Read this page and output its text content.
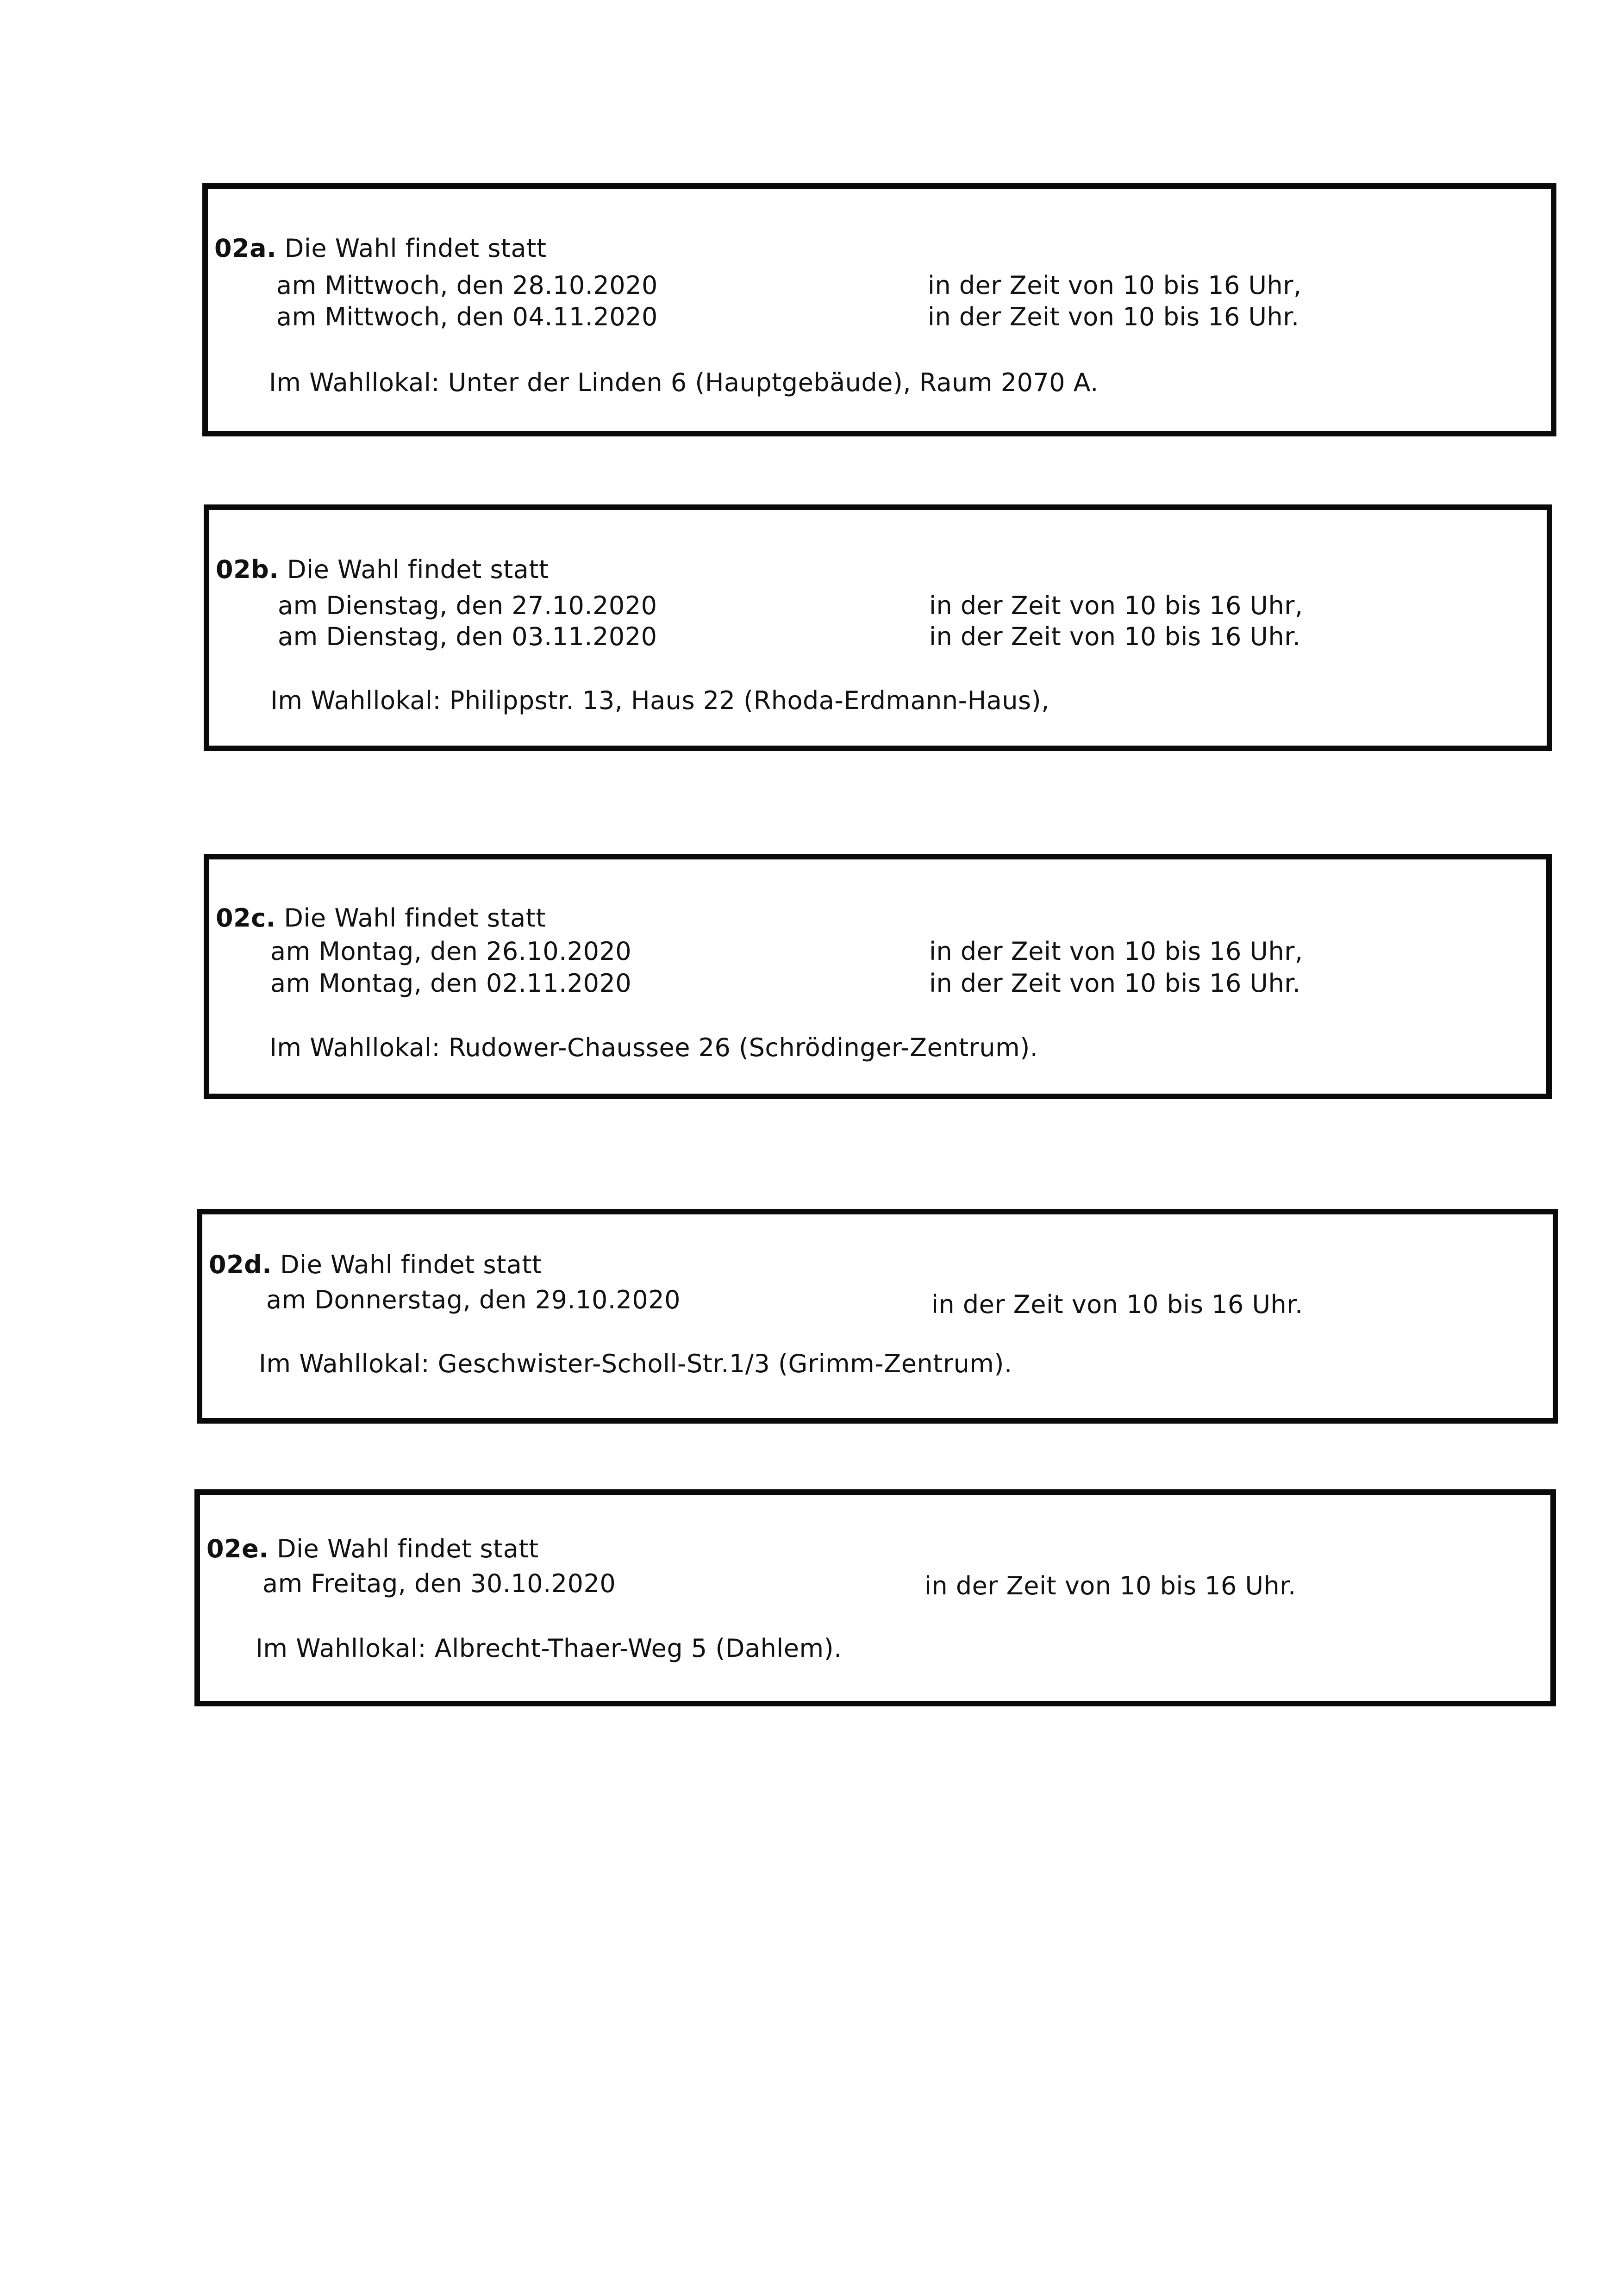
02a. Die Wahl findet statt
am Mittwoch, den 28.10.2020	in der Zeit von 10 bis 16 Uhr,
am Mittwoch, den 04.11.2020	in der Zeit von 10 bis 16 Uhr.
Im Wahllokal: Unter der Linden 6 (Hauptgebäude), Raum 2070 A.
02b. Die Wahl findet statt
am Dienstag, den 27.10.2020	in der Zeit von 10 bis 16 Uhr,
am Dienstag, den 03.11.2020	in der Zeit von 10 bis 16 Uhr.
Im Wahllokal: Philippstr. 13, Haus 22 (Rhoda-Erdmann-Haus),
02c. Die Wahl findet statt
am Montag, den 26.10.2020	in der Zeit von 10 bis 16 Uhr,
am Montag, den 02.11.2020	in der Zeit von 10 bis 16 Uhr.
Im Wahllokal: Rudower-Chaussee 26 (Schrödinger-Zentrum).
02d. Die Wahl findet statt
am Donnerstag, den 29.10.2020	in der Zeit von 10 bis 16 Uhr.
Im Wahllokal: Geschwister-Scholl-Str.1/3 (Grimm-Zentrum).
02e. Die Wahl findet statt
am Freitag, den 30.10.2020	in der Zeit von 10 bis 16 Uhr.
Im Wahllokal: Albrecht-Thaer-Weg 5 (Dahlem).
